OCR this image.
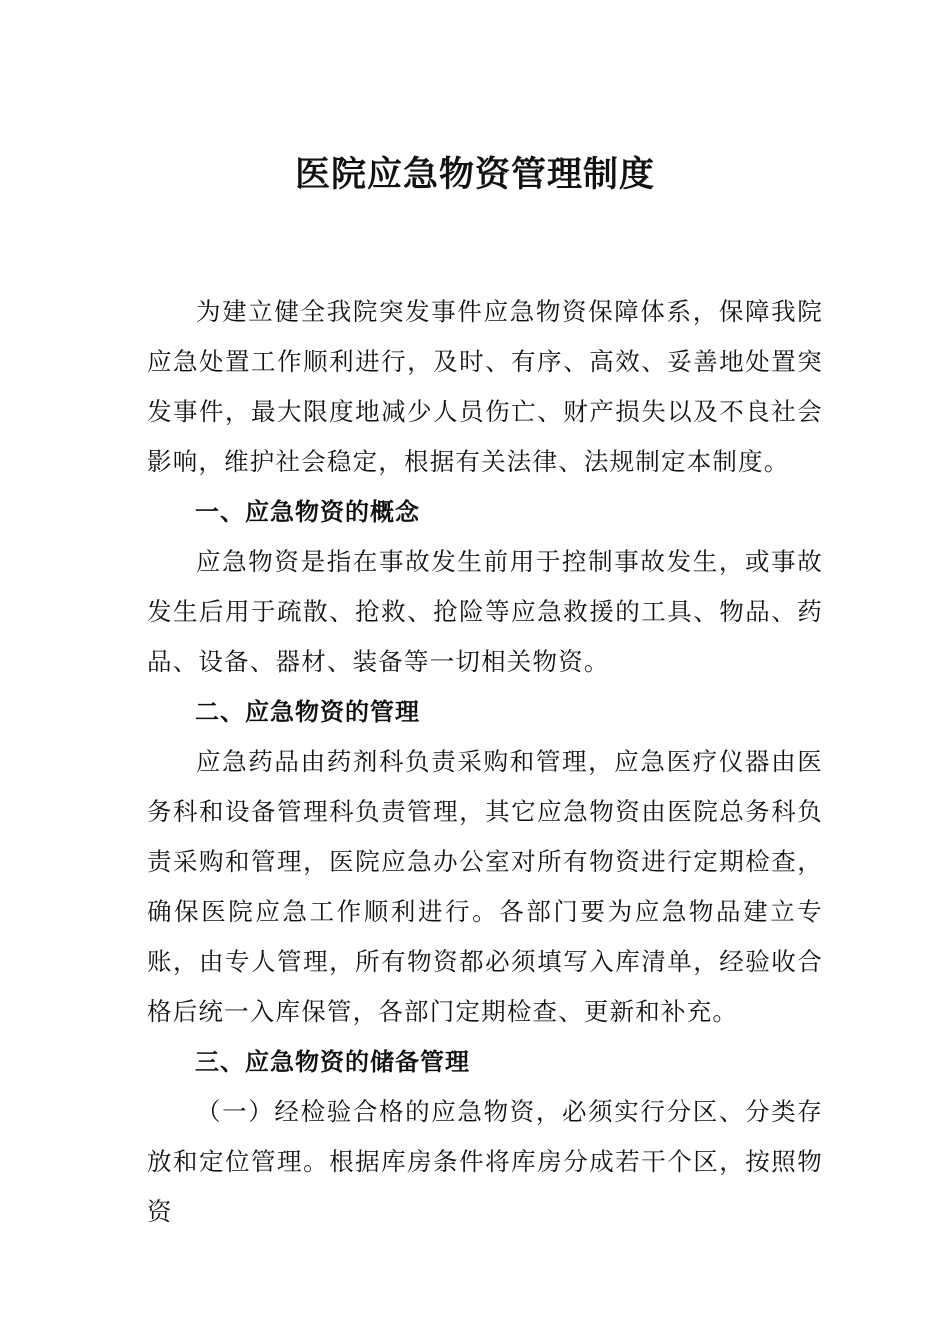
医院应急物资管理制度

为建立健全我院突发事件应急物资保障体系，保障我院应急处置工作顺利进行，及时、有序、高效、妥善地处置突发事件，最大限度地减少人员伤亡、财产损失以及不良社会影响，维护社会稳定，根据有关法律、法规制定本制度。

一、应急物资的概念

应急物资是指在事故发生前用于控制事故发生，或事故发生后用于疏散、抢救、抢险等应急救援的工具、物品、药品、设备、器材、装备等一切相关物资。

二、应急物资的管理

应急药品由药剂科负责采购和管理，应急医疗仪器由医务科和设备管理科负责管理，其它应急物资由医院总务科负责采购和管理，医院应急办公室对所有物资进行定期检查，确保医院应急工作顺利进行。各部门要为应急物品建立专账，由专人管理，所有物资都必须填写入库清单，经验收合格后统一入库保管，各部门定期检查、更新和补充。

三、应急物资的储备管理

（一）经检验合格的应急物资，必须实行分区、分类存放和定位管理。根据库房条件将库房分成若干个区，按照物资
